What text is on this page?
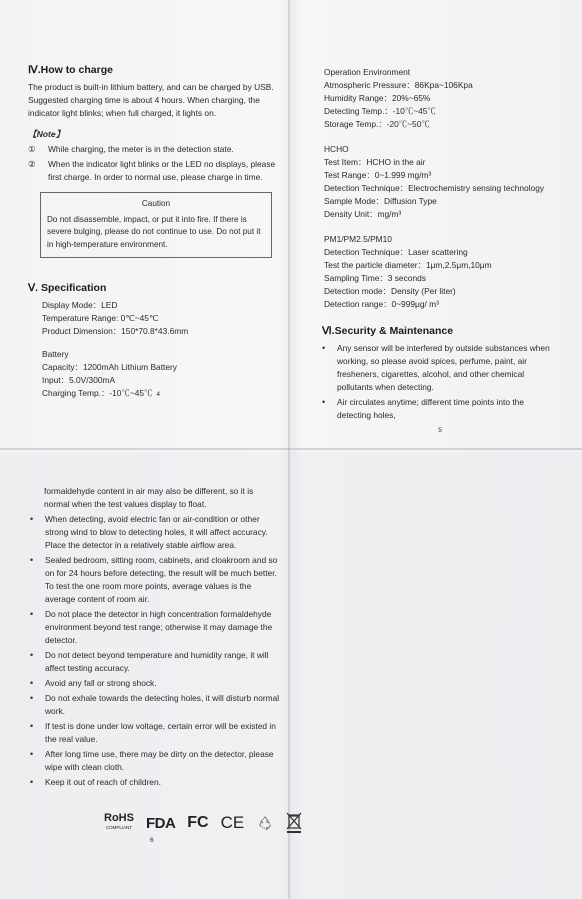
Ⅳ.How to charge

The product is built-in lithium battery, and can be charged by USB. Suggested charging time is about 4 hours. When charging, the indicator light blinks; when full charged, it lights on.

【Note】
①	While charging, the meter is in the detection state.
②	When the indicator light blinks or the LED no displays, please first charge. In order to normal use, please charge in time.
Caution
Do not disassemble, impact, or put it into fire. If there is severe bulging, please do not continue to use. Do not put it in high-temperature environment.
Ⅴ. Specification
Display Mode：LED
Temperature Range: 0℃~45℃
Product Dimension：150*70.8*43.6mm
Battery
Capacity：1200mAh Lithium Battery
Input：5.0V/300mA
Charging Temp.：-10℃~45℃ 4
Operation Environment
Atmospheric Pressure：86Kpa~106Kpa
Humidity Range：20%~65%
Detecting Temp.：-10℃~45℃
Storage Temp.：-20℃~50℃
HCHO
Test Item：HCHO in the air
Test Range：0~1.999 mg/m³
Detection Technique：Electrochemistry sensing technology
Sample Mode：Diffusion Type
Density Unit：mg/m³
PM1/PM2.5/PM10
Detection Technique：Laser scattering
Test the particle diameter：1μm,2.5μm,10μm
Sampling Time：3 seconds
Detection mode：Density (Per liter)
Detection range：0~999μg/ m³
Ⅵ.Security & Maintenance
•	Any sensor will be interfered by outside substances when working, so please avoid spices, perfume, paint, air fresheners, cigarettes, alcohol, and other chemical pollutants when detecting.
•	Air circulates anytime; different time points into the detecting holes,
5
formaldehyde content in air may also be different, so it is normal when the test values display to float.
•	When detecting, avoid electric fan or air-condition or other strong wind to blow to detecting holes, it will affect accuracy. Place the detector in a relatively stable airflow area.
•	Sealed bedroom, sitting room, cabinets, and cloakroom and so on for 24 hours before detecting, the result will be much better. To test the one room more points, average values is the average content of room air.
•	Do not place the detector in high concentration formaldehyde environment beyond test range; otherwise it may damage the detector.
•	Do not detect beyond temperature and humidity range, it will affect testing accuracy.
•	Avoid any fall or strong shock.
•	Do not exhale towards the detecting holes, it will disturb normal work.
•	If test is done under low voltage, certain error will be existed in the real value.
•	After long time use, there may be dirty on the detector, please wipe with clean cloth.
•	Keep it out of reach of children.
RoHS
COMPLIANT FDA FC CE
6
